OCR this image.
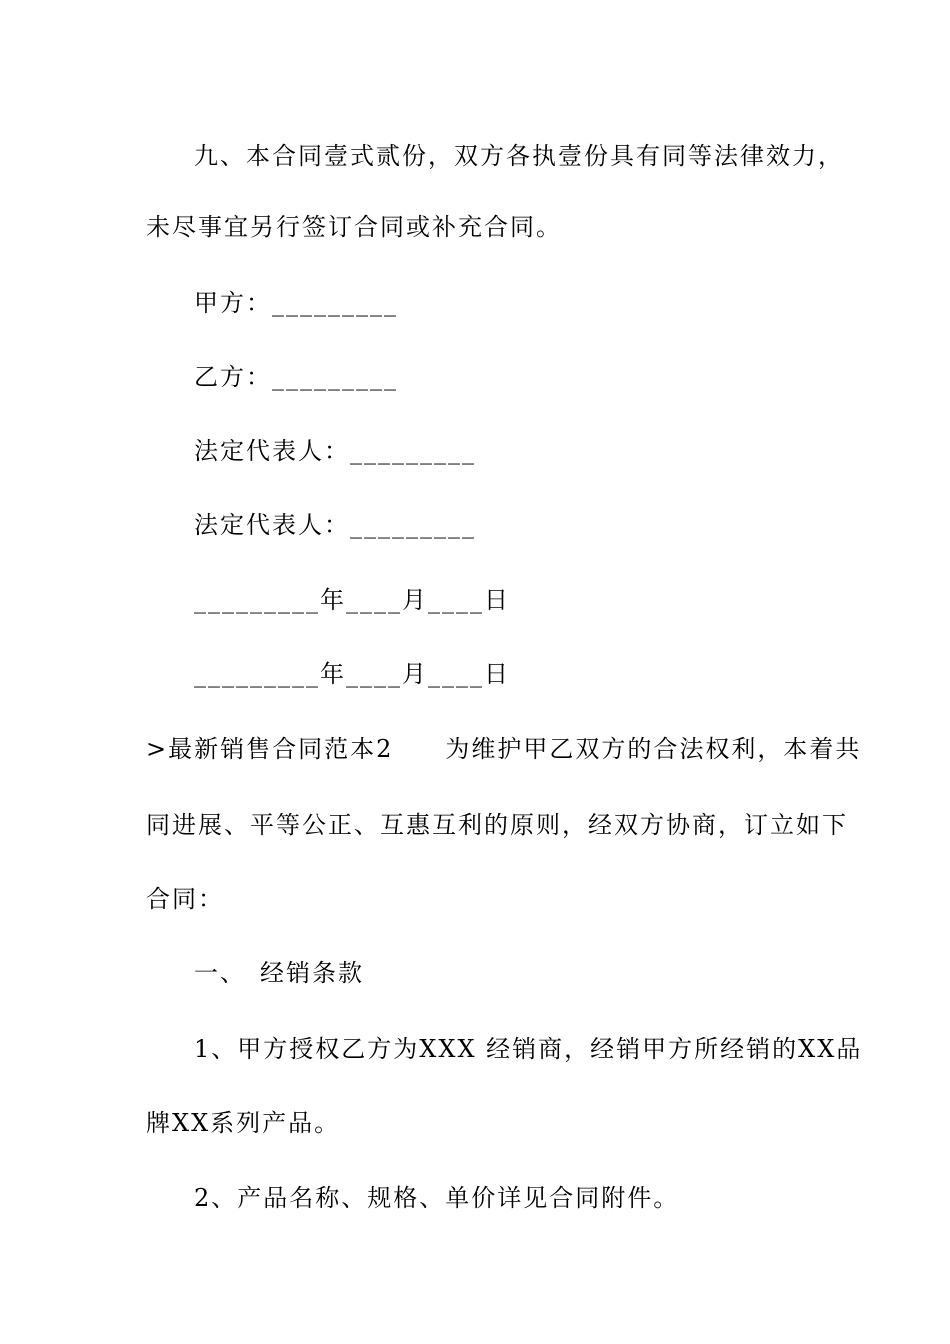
九、本合同壹式贰份，双方各执壹份具有同等法律效力，
未尽事宜另行签订合同或补充合同。
甲方：_________
乙方：_________
法定代表人：_________
法定代表人：_________
_________年____月____日
_________年____月____日
>最新销售合同范本2　　为维护甲乙双方的合法权利，本着共
同进展、平等公正、互惠互利的原则，经双方协商，订立如下
合同：
一、　经销条款
1、甲方授权乙方为XXX 经销商，经销甲方所经销的XX品
牌XX系列产品。
2、产品名称、规格、单价详见合同附件。
